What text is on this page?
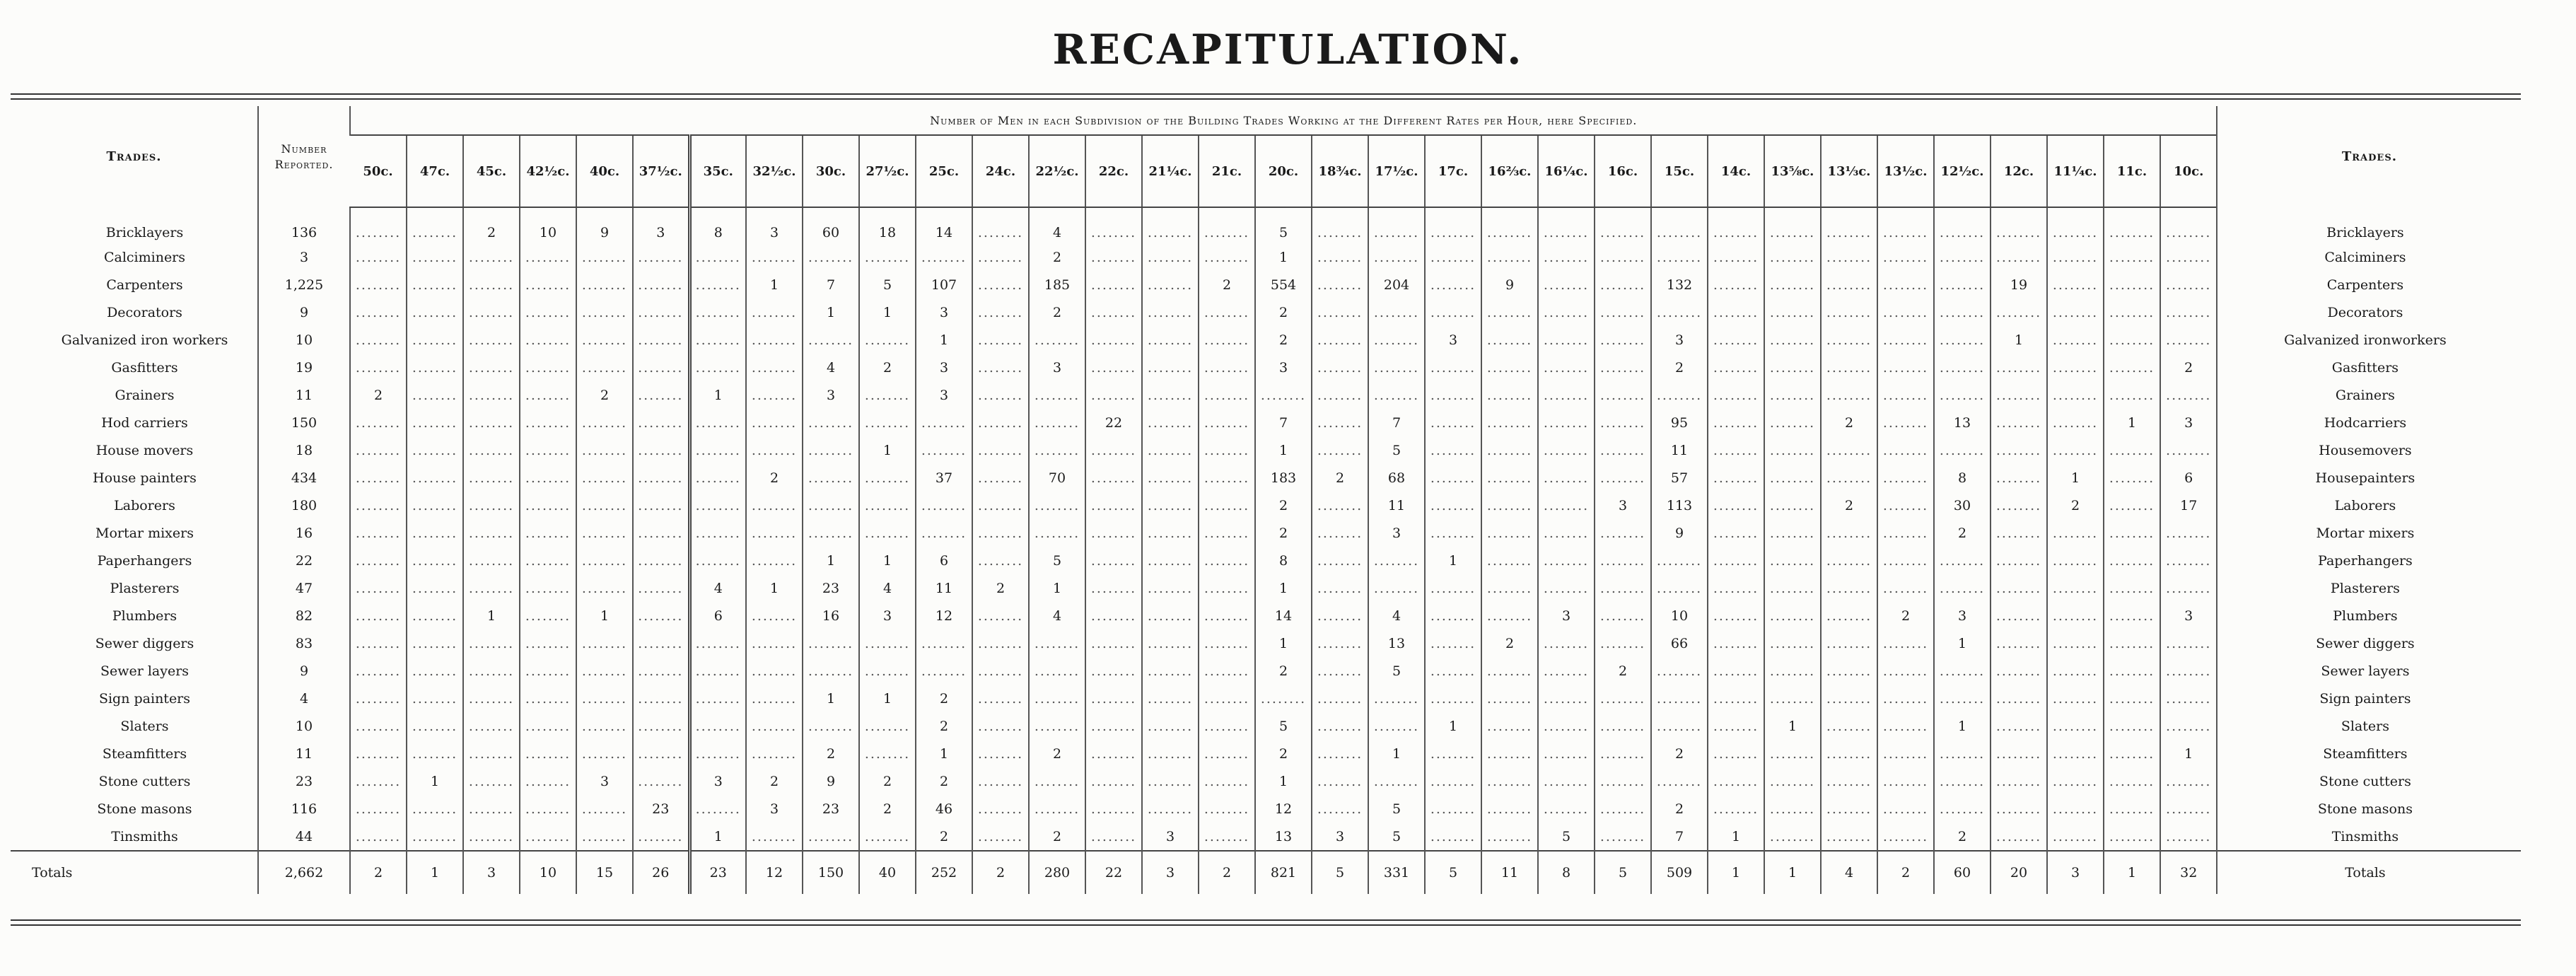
RECAPITULATION.
Trades.	Number Reported.	Number of Men in each Subdivision of the Building Trades Working at the Different Rates per Hour, here Specified.																																	Trades.
		50c.	47c.	45c.	42½c.	40c.	37½c.	35c.	32½c.	30c.	27½c.	25c.	24c.	22½c.	22c.	21¼c.	21c.	20c.	18¾c.	17½c.	17c.	16⅔c.	16¼c.	16c.	15c.	14c.	13⅝c.	13⅓c.	13½c.	12½c.	12c.	11¼c.	11c.	10c.	
Bricklayers	136	........	........	2	10	9	3	8	3	60	18	14	........	4	........	........	........	5	........	........	........	........	........	........	........	........	........	........	........	........	........	........	........	........	Bricklayers
Calciminers	3	........	........	........	........	........	........	........	........	........	........	........	........	2	........	........	........	1	........	........	........	........	........	........	........	........	........	........	........	........	........	........	........	........	Calciminers
Carpenters	1,225	........	........	........	........	........	........	........	1	7	5	107	........	185	........	........	2	554	........	204	........	9	........	........	132	........	........	........	........	........	19	........	........	........	Carpenters
Decorators	9	........	........	........	........	........	........	........	........	1	1	3	........	2	........	........	........	2	........	........	........	........	........	........	........	........	........	........	........	........	........	........	........	........	Decorators
Galvanized iron workers	10	........	........	........	........	........	........	........	........	........	........	1	........	........	........	........	........	2	........	........	3	........	........	........	3	........	........	........	........	........	1	........	........	........	Galvanized ironworkers
Gasfitters	19	........	........	........	........	........	........	........	........	4	2	3	........	3	........	........	........	3	........	........	........	........	........	........	2	........	........	........	........	........	........	........	........	2	Gasfitters
Grainers	11	2	........	........	........	2	........	1	........	3	........	3	........	........	........	........	........	........	........	........	........	........	........	........	........	........	........	........	........	........	........	........	........	........	Grainers
Hod carriers	150	........	........	........	........	........	........	........	........	........	........	........	........	........	22	........	........	7	........	7	........	........	........	........	95	........	........	2	........	13	........	........	1	3	Hodcarriers
House movers	18	........	........	........	........	........	........	........	........	........	1	........	........	........	........	........	........	1	........	5	........	........	........	........	11	........	........	........	........	........	........	........	........	........	Housemovers
House painters	434	........	........	........	........	........	........	........	2	........	........	37	........	70	........	........	........	183	2	68	........	........	........	........	57	........	........	........	........	8	........	1	........	6	Housepainters
Laborers	180	........	........	........	........	........	........	........	........	........	........	........	........	........	........	........	........	2	........	11	........	........	........	3	113	........	........	2	........	30	........	2	........	17	Laborers
Mortar mixers	16	........	........	........	........	........	........	........	........	........	........	........	........	........	........	........	........	2	........	3	........	........	........	........	9	........	........	........	........	2	........	........	........	........	Mortar mixers
Paperhangers	22	........	........	........	........	........	........	........	........	1	1	6	........	5	........	........	........	8	........	........	1	........	........	........	........	........	........	........	........	........	........	........	........	........	Paperhangers
Plasterers	47	........	........	........	........	........	........	4	1	23	4	11	2	1	........	........	........	1	........	........	........	........	........	........	........	........	........	........	........	........	........	........	........	........	Plasterers
Plumbers	82	........	........	1	........	1	........	6	........	16	3	12	........	4	........	........	........	14	........	4	........	........	3	........	10	........	........	........	2	3	........	........	........	3	Plumbers
Sewer diggers	83	........	........	........	........	........	........	........	........	........	........	........	........	........	........	........	........	1	........	13	........	2	........	........	66	........	........	........	........	1	........	........	........	........	Sewer diggers
Sewer layers	9	........	........	........	........	........	........	........	........	........	........	........	........	........	........	........	........	2	........	5	........	........	........	2	........	........	........	........	........	........	........	........	........	........	Sewer layers
Sign painters	4	........	........	........	........	........	........	........	........	1	1	2	........	........	........	........	........	........	........	........	........	........	........	........	........	........	........	........	........	........	........	........	........	........	Sign painters
Slaters	10	........	........	........	........	........	........	........	........	........	........	2	........	........	........	........	........	5	........	........	1	........	........	........	........	........	1	........	........	1	........	........	........	........	Slaters
Steamfitters	11	........	........	........	........	........	........	........	........	2	........	1	........	2	........	........	........	2	........	1	........	........	........	........	2	........	........	........	........	........	........	........	........	1	Steamfitters
Stone cutters	23	........	1	........	........	3	........	3	2	9	2	2	........	........	........	........	........	1	........	........	........	........	........	........	........	........	........	........	........	........	........	........	........	........	Stone cutters
Stone masons	116	........	........	........	........	........	23	........	3	23	2	46	........	........	........	........	........	12	........	5	........	........	........	........	2	........	........	........	........	........	........	........	........	........	Stone masons
Tinsmiths	44	........	........	........	........	........	........	1	........	........	........	2	........	2	........	3	........	13	3	5	........	........	5	........	7	1	........	........	........	2	........	........	........	........	Tinsmiths
Totals	2,662	2	1	3	10	15	26	23	12	150	40	252	2	280	22	3	2	821	5	331	5	11	8	5	509	1	1	4	2	60	20	3	1	32	Totals
